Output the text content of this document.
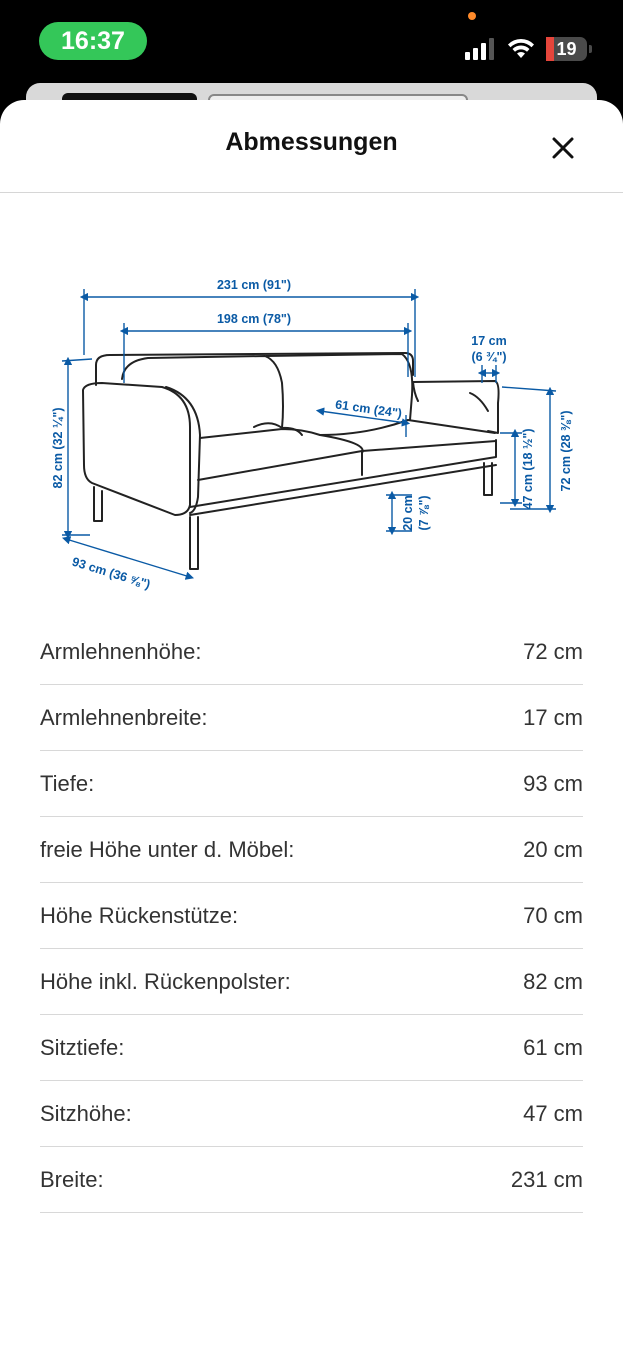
16:37	19
Abmessungen
231 cm (91")
198 cm (78")
17 cm
(6 ¾")
61 cm (24")
82 cm (32 ¼")
93 cm (36 ⅝")
20 cm (7 ⅞")
47 cm (18 ½") 72 cm (28 ⅜")
Armlehnenhöhe:	72 cm
Armlehnenbreite:	17 cm
Tiefe:	93 cm
freie Höhe unter d. Möbel:	20 cm
Höhe Rückenstütze:	70 cm
Höhe inkl. Rückenpolster:	82 cm
Sitztiefe:	61 cm
Sitzhöhe:	47 cm
Breite:	231 cm
